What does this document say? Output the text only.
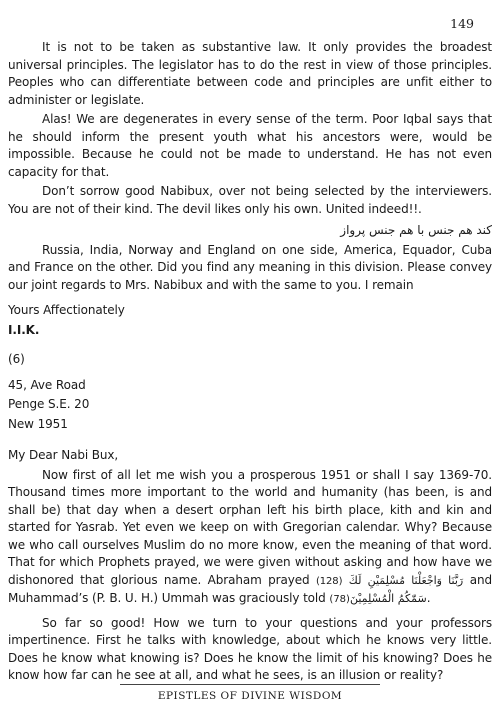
149

It is not to be taken as substantive law. It only provides the broadest universal principles. The legislator has to do the rest in view of those principles. Peoples who can differentiate between code and principles are unfit either to administer or legislate.

Alas! We are degenerates in every sense of the term. Poor Iqbal says that he should inform the present youth what his ancestors were, would be impossible. Because he could not be made to understand. He has not even capacity for that.

Don’t sorrow good Nabibux, over not being selected by the interviewers. You are not of their kind. The devil likes only his own. United indeed!!.

کند هم جنس با هم جنس پرواز

Russia, India, Norway and England on one side, America, Equador, Cuba and France on the other. Did you find any meaning in this division. Please convey our joint regards to Mrs. Nabibux and with the same to you. I remain

Yours Affectionately

I.I.K.

(6)

45, Ave Road

Penge S.E. 20

New 1951

My Dear Nabi Bux,

Now first of all let me wish you a prosperous 1951 or shall I say 1369-70. Thousand times more important to the world and humanity (has been, is and shall be) that day when a desert orphan left his birth place, kith and kin and started for Yasrab. Yet even we keep on with Gregorian calendar. Why? Because we who call ourselves Muslim do no more know, even the meaning of that word. That for which Prophets prayed, we were given without asking and how have we dishonored that glorious name. Abraham prayed (128) رَبَّنَا وَاجْعَلْنَا مُسْلِمَيْنِ لَكَ and Muhammad’s (P. B. U. H.) Ummah was graciously told سَمّٰكُمُ الْمُسْلِمِيْنَ(78)	.

So far so good! How we turn to your questions and your professors impertinence. First he talks with knowledge, about which he knows very little. Does he know what knowing is? Does he know the limit of his knowing? Does he know how far can he see at all, and what he sees, is an illusion or reality?

EPISTLES OF DIVINE WISDOM
